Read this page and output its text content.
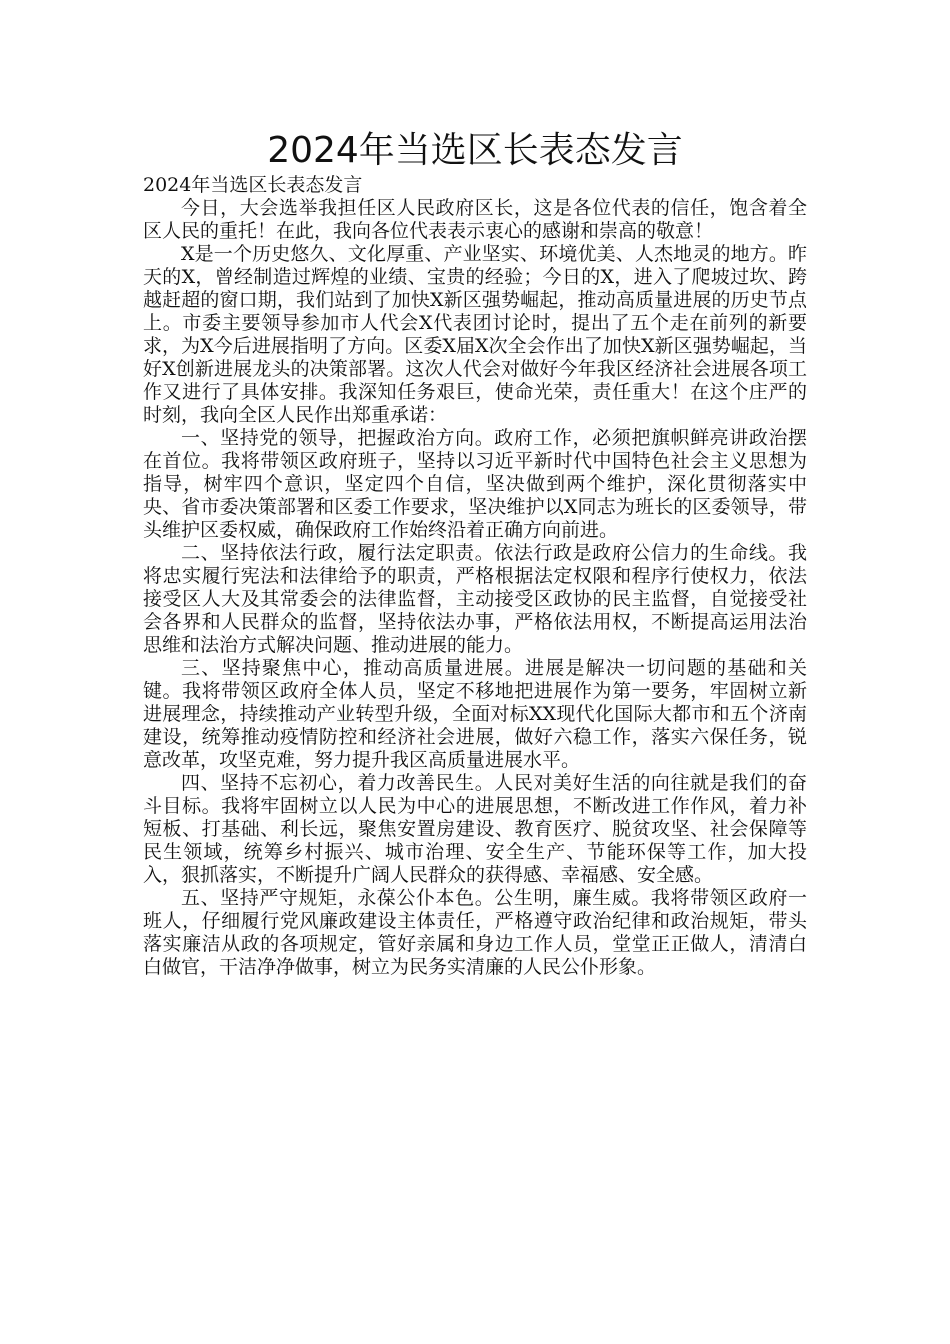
2024年当选区长表态发言

2024年当选区长表态发言

今日，大会选举我担任区人民政府区长，这是各位代表的信任，饱含着全区人民的重托！在此，我向各位代表表示衷心的感谢和崇高的敬意！

X是一个历史悠久、文化厚重、产业坚实、环境优美、人杰地灵的地方。昨天的X，曾经制造过辉煌的业绩、宝贵的经验；今日的X，进入了爬坡过坎、跨越赶超的窗口期，我们站到了加快X新区强势崛起，推动高质量进展的历史节点上。市委主要领导参加市人代会X代表团讨论时，提出了五个走在前列的新要求，为X今后进展指明了方向。区委X届X次全会作出了加快X新区强势崛起，当好X创新进展龙头的决策部署。这次人代会对做好今年我区经济社会进展各项工作又进行了具体安排。我深知任务艰巨，使命光荣，责任重大！在这个庄严的时刻，我向全区人民作出郑重承诺：

一、坚持党的领导，把握政治方向。政府工作，必须把旗帜鲜亮讲政治摆在首位。我将带领区政府班子，坚持以习近平新时代中国特色社会主义思想为指导，树牢四个意识，坚定四个自信，坚决做到两个维护，深化贯彻落实中央、省市委决策部署和区委工作要求，坚决维护以X同志为班长的区委领导，带头维护区委权威，确保政府工作始终沿着正确方向前进。

二、坚持依法行政，履行法定职责。依法行政是政府公信力的生命线。我将忠实履行宪法和法律给予的职责，严格根据法定权限和程序行使权力，依法接受区人大及其常委会的法律监督，主动接受区政协的民主监督，自觉接受社会各界和人民群众的监督，坚持依法办事，严格依法用权，不断提高运用法治思维和法治方式解决问题、推动进展的能力。

三、坚持聚焦中心，推动高质量进展。进展是解决一切问题的基础和关键。我将带领区政府全体人员，坚定不移地把进展作为第一要务，牢固树立新进展理念，持续推动产业转型升级，全面对标XX现代化国际大都市和五个济南建设，统筹推动疫情防控和经济社会进展，做好六稳工作，落实六保任务，锐意改革，攻坚克难，努力提升我区高质量进展水平。

四、坚持不忘初心，着力改善民生。人民对美好生活的向往就是我们的奋斗目标。我将牢固树立以人民为中心的进展思想，不断改进工作作风，着力补短板、打基础、利长远，聚焦安置房建设、教育医疗、脱贫攻坚、社会保障等民生领域，统筹乡村振兴、城市治理、安全生产、节能环保等工作，加大投入，狠抓落实，不断提升广阔人民群众的获得感、幸福感、安全感。

五、坚持严守规矩，永葆公仆本色。公生明，廉生威。我将带领区政府一班人，仔细履行党风廉政建设主体责任，严格遵守政治纪律和政治规矩，带头落实廉洁从政的各项规定，管好亲属和身边工作人员，堂堂正正做人，清清白白做官，干洁净净做事，树立为民务实清廉的人民公仆形象。
